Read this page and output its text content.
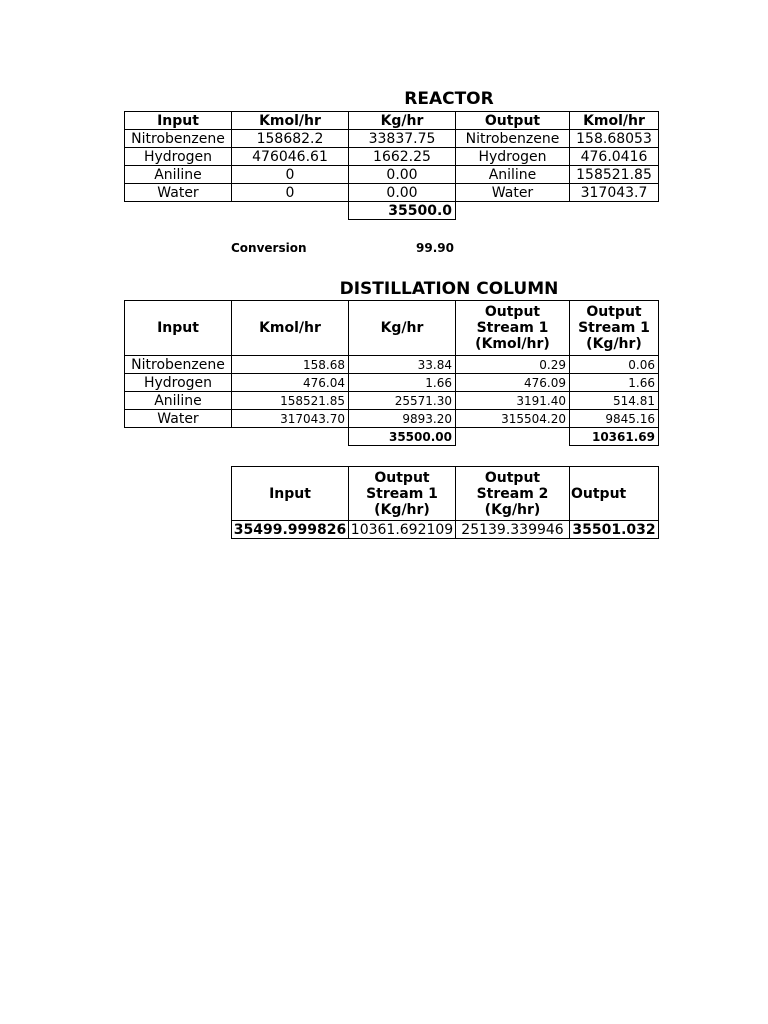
REACTOR
Input	Kmol/hr	Kg/hr	Output	Kmol/hr
Nitrobenzene	158682.2	33837.75	Nitrobenzene	158.68053
Hydrogen	476046.61	1662.25	Hydrogen	476.0416
Aniline	0	0.00	Aniline	158521.85
Water	0	0.00	Water	317043.7
		35500.0		
Conversion	99.90
DISTILLATION COLUMN
Input	Kmol/hr	Kg/hr	Output
Stream 1
(Kmol/hr)	Output
Stream 1
(Kg/hr)
Nitrobenzene	158.68	33.84	0.29	0.06
Hydrogen	476.04	1.66	476.09	1.66
Aniline	158521.85	25571.30	3191.40	514.81
Water	317043.70	9893.20	315504.20	9845.16
		35500.00		10361.69
Input	Output
Stream 1
(Kg/hr)	Output
Stream 2
(Kg/hr)	Output
35499.999826	10361.692109	25139.339946	35501.032
